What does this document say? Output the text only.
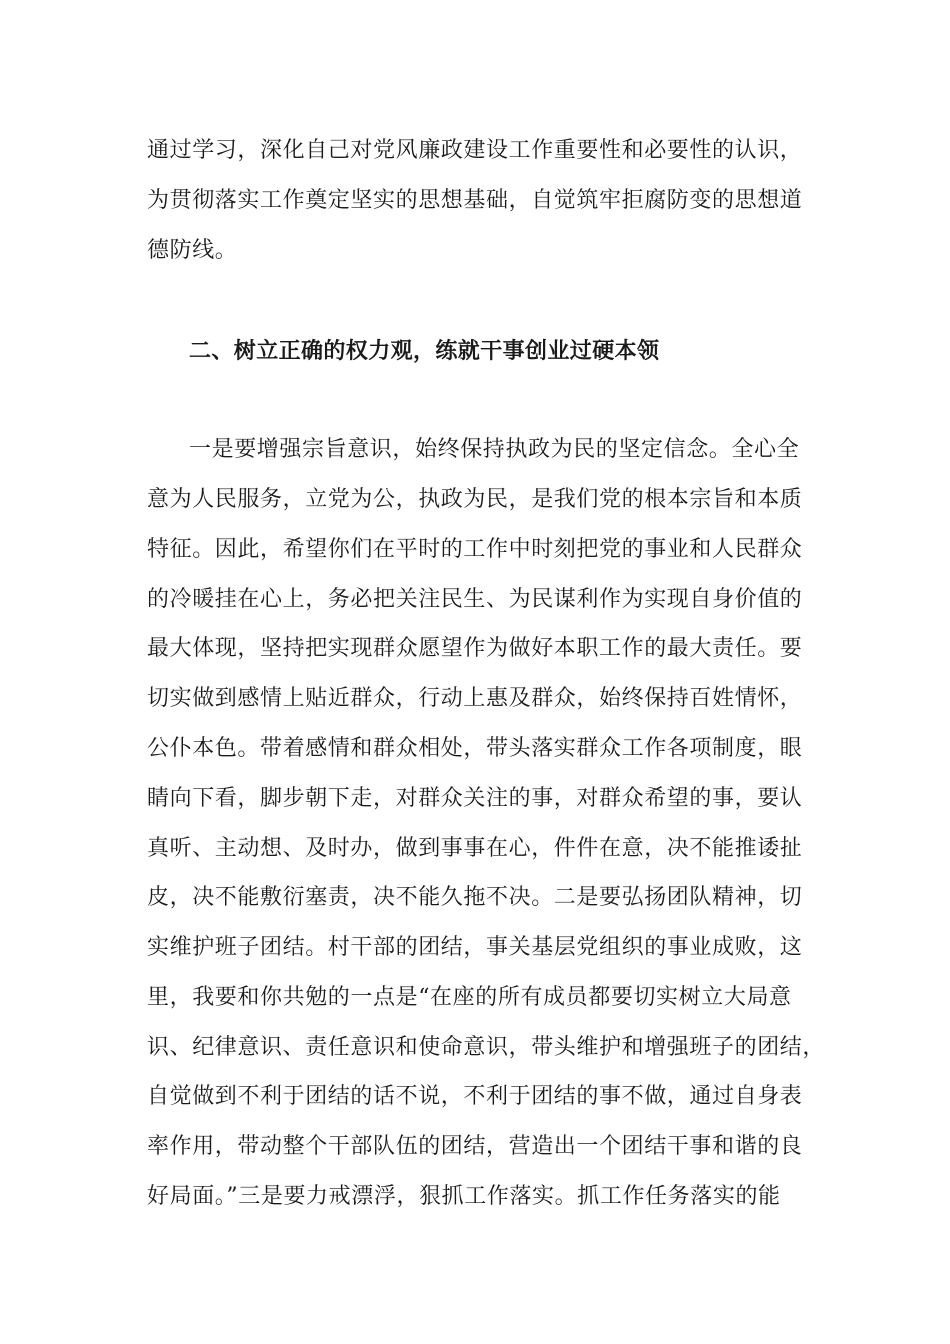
通过学习，深化自己对党风廉政建设工作重要性和必要性的认识，
为贯彻落实工作奠定坚实的思想基础，自觉筑牢拒腐防变的思想道
德防线。
二、树立正确的权力观，练就干事创业过硬本领
一是要增强宗旨意识，始终保持执政为民的坚定信念。全心全
意为人民服务，立党为公，执政为民，是我们党的根本宗旨和本质
特征。因此，希望你们在平时的工作中时刻把党的事业和人民群众
的冷暖挂在心上，务必把关注民生、为民谋利作为实现自身价值的
最大体现，坚持把实现群众愿望作为做好本职工作的最大责任。要
切实做到感情上贴近群众，行动上惠及群众，始终保持百姓情怀，
公仆本色。带着感情和群众相处，带头落实群众工作各项制度，眼
睛向下看，脚步朝下走，对群众关注的事，对群众希望的事，要认
真听、主动想、及时办，做到事事在心，件件在意，决不能推诿扯
皮，决不能敷衍塞责，决不能久拖不决。二是要弘扬团队精神，切
实维护班子团结。村干部的团结，事关基层党组织的事业成败，这
里，我要和你共勉的一点是“在座的所有成员都要切实树立大局意
识、纪律意识、责任意识和使命意识，带头维护和增强班子的团结，
自觉做到不利于团结的话不说，不利于团结的事不做，通过自身表
率作用，带动整个干部队伍的团结，营造出一个团结干事和谐的良
好局面。”三是要力戒漂浮，狠抓工作落实。抓工作任务落实的能
